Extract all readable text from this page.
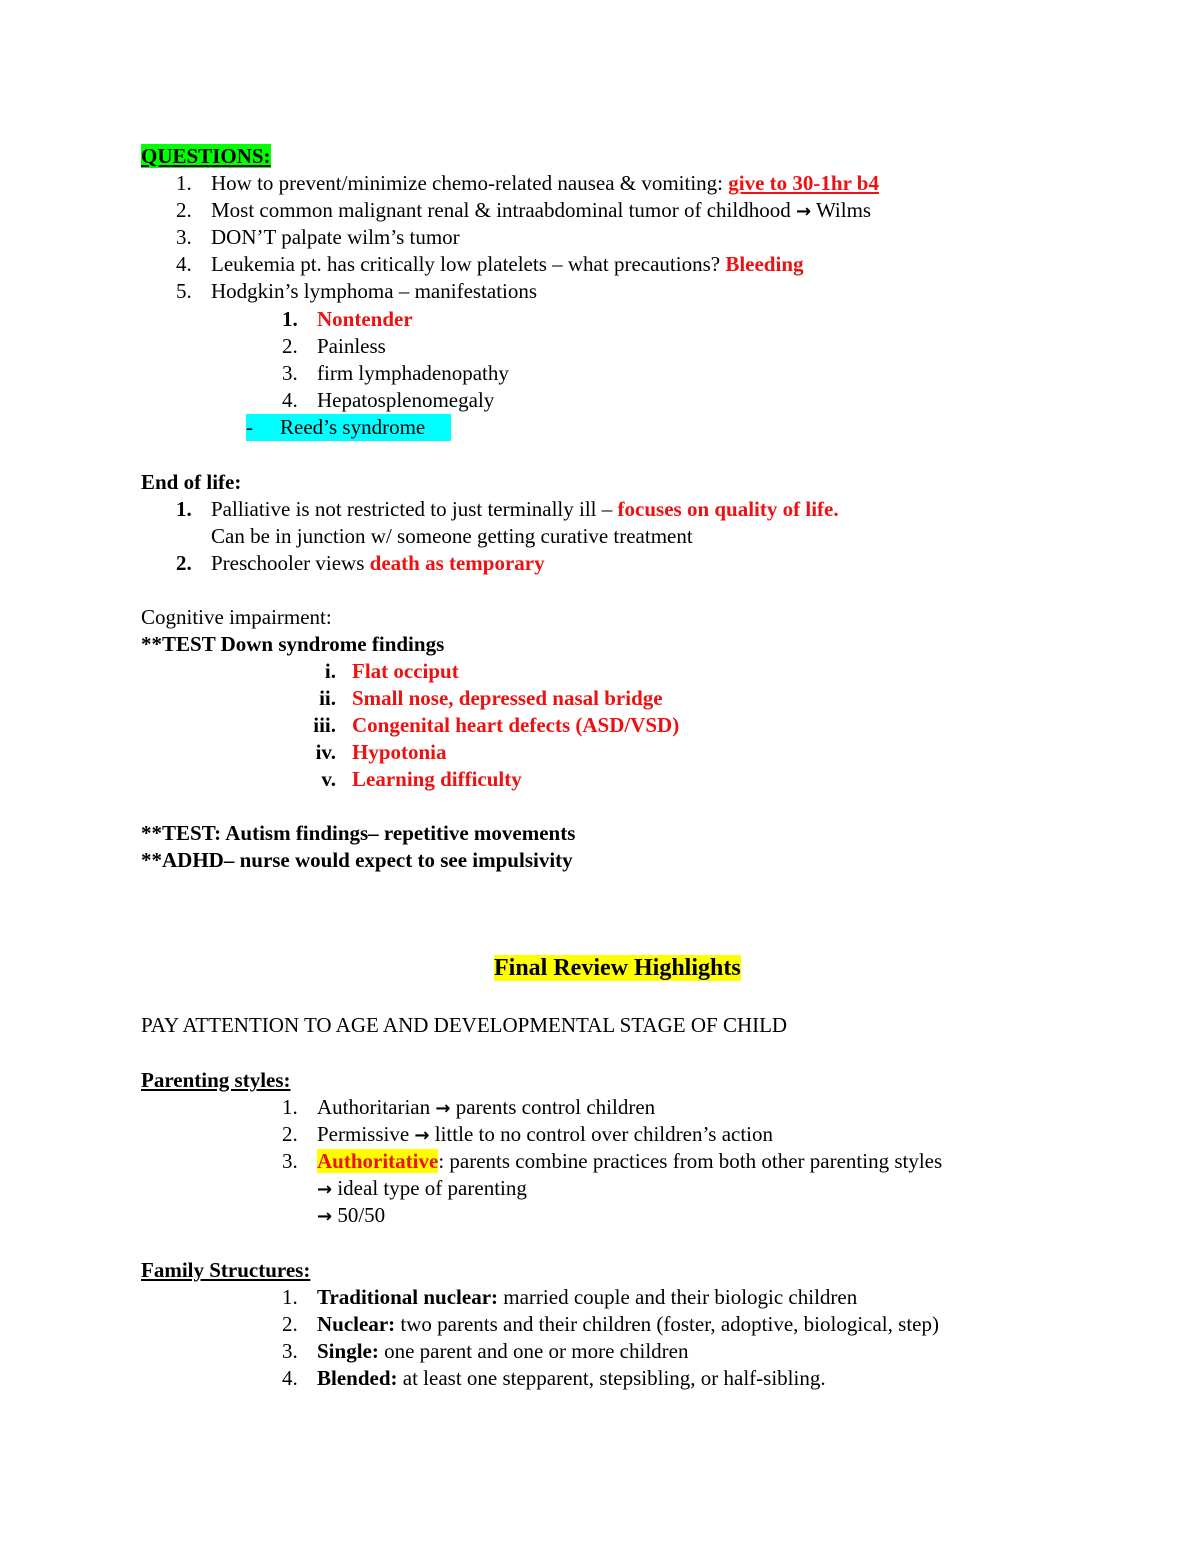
QUESTIONS:
1. How to prevent/minimize chemo-related nausea & vomiting: give to 30-1hr b4
2. Most common malignant renal & intraabdominal tumor of childhood → Wilms
3. DON’T palpate wilm’s tumor
4. Leukemia pt. has critically low platelets – what precautions? Bleeding
5. Hodgkin’s lymphoma – manifestations
1. Nontender
2. Painless
3. firm lymphadenopathy
4. Hepatosplenomegaly
- Reed’s syndrome
End of life:
1. Palliative is not restricted to just terminally ill – focuses on quality of life.
Can be in junction w/ someone getting curative treatment
2. Preschooler views death as temporary
Cognitive impairment:
**TEST Down syndrome findings
i. Flat occiput
ii. Small nose, depressed nasal bridge
iii. Congenital heart defects (ASD/VSD)
iv. Hypotonia
v. Learning difficulty
**TEST: Autism findings– repetitive movements
**ADHD– nurse would expect to see impulsivity
Final Review Highlights
PAY ATTENTION TO AGE AND DEVELOPMENTAL STAGE OF CHILD
Parenting styles:
1. Authoritarian → parents control children
2. Permissive → little to no control over children’s action
3. Authoritative: parents combine practices from both other parenting styles
→ ideal type of parenting
→ 50/50
Family Structures:
1. Traditional nuclear: married couple and their biologic children
2. Nuclear: two parents and their children (foster, adoptive, biological, step)
3. Single: one parent and one or more children
4. Blended: at least one stepparent, stepsibling, or half-sibling.
